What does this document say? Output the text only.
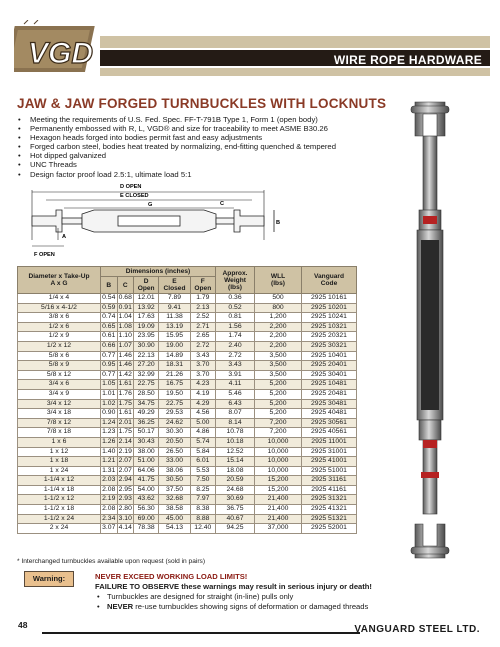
VGD	WIRE ROPE HARDWARE
JAW & JAW FORGED TURNBUCKLES WITH LOCKNUTS
• Meeting the requirements of U.S. Fed. Spec. FF-T-791B Type 1, Form 1 (open body)
• Permanently embossed with R, L, VGD® and size for traceability to meet ASME B30.26
• Hexagon heads forged into bodies permit fast and easy adjustments
• Forged carbon steel, bodies heat treated by normalizing, end-fitting quenched & tempered
• Hot dipped galvanized
• UNC Threads
• Design factor proof load 2.5:1, ultimate load 5:1
D OPEN
E CLOSED
G	C
B
A
F OPEN
Diameter x Take-Up
A x G	Dimensions (inches)					Approx.
Weight
(lbs)	WLL
(lbs)	Vanguard
Code
	B	C	D
Open	E
Closed	F
Open			
1/4 x 4	0.54	0.68	12.01	7.89	1.79	0.36	500	2925 10161
5/16 x 4-1/2	0.59	0.91	13.92	9.41	2.13	0.52	800	2925 10201
3/8 x 6	0.74	1.04	17.63	11.38	2.52	0.81	1,200	2925 10241
1/2 x 6	0.65	1.08	19.09	13.19	2.71	1.56	2,200	2925 10321
1/2 x 9	0.61	1.10	23.95	15.95	2.65	1.74	2,200	2925 20321
1/2 x 12	0.66	1.07	30.90	19.00	2.72	2.40	2,200	2925 30321
5/8 x 6	0.77	1.46	22.13	14.89	3.43	2.72	3,500	2925 10401
5/8 x 9	0.95	1.46	27.20	18.31	3.70	3.43	3,500	2925 20401
5/8 x 12	0.77	1.42	32.99	21.26	3.70	3.91	3,500	2925 30401
3/4 x 6	1.05	1.61	22.75	16.75	4.23	4.11	5,200	2925 10481
3/4 x 9	1.01	1.76	28.50	19.50	4.19	5.46	5,200	2925 20481
3/4 x 12	1.02	1.75	34.75	22.75	4.29	6.43	5,200	2925 30481
3/4 x 18	0.90	1.61	49.29	29.53	4.56	8.07	5,200	2925 40481
7/8 x 12	1.24	2.01	36.25	24.62	5.00	8.14	7,200	2925 30561
7/8 x 18	1.23	1.75	50.17	30.30	4.86	10.78	7,200	2925 40561
1 x 6	1.26	2.14	30.43	20.50	5.74	10.18	10,000	2925 11001
1 x 12	1.40	2.19	38.00	26.50	5.84	12.52	10,000	2925 31001
1 x 18	1.21	2.07	51.00	33.00	6.01	15.14	10,000	2925 41001
1 x 24	1.31	2.07	64.06	38.06	5.53	18.08	10,000	2925 51001
1-1/4 x 12	2.03	2.94	41.75	30.50	7.50	20.59	15,200	2925 31161
1-1/4 x 18	2.08	2.95	54.00	37.50	8.25	24.68	15,200	2925 41161
1-1/2 x 12	2.19	2.93	43.62	32.68	7.97	30.69	21,400	2925 31321
1-1/2 x 18	2.08	2.80	56.30	38.58	8.38	36.75	21,400	2925 41321
1-1/2 x 24	2.34	3.10	69.00	45.00	8.88	40.67	21,400	2925 51321
2 x 24	3.07	4.14	78.38	54.13	12.40	94.25	37,000	2925 52001
* Interchanged turnbuckles available upon request (sold in pairs)
Warning:	NEVER EXCEED WORKING LOAD LIMITS!
FAILURE TO OBSERVE these warnings may result in serious injury or death!
• Turnbuckles are designed for straight (in-line) pulls only
• NEVER re-use turnbuckles showing signs of deformation or damaged threads
48	VANGUARD STEEL LTD.
